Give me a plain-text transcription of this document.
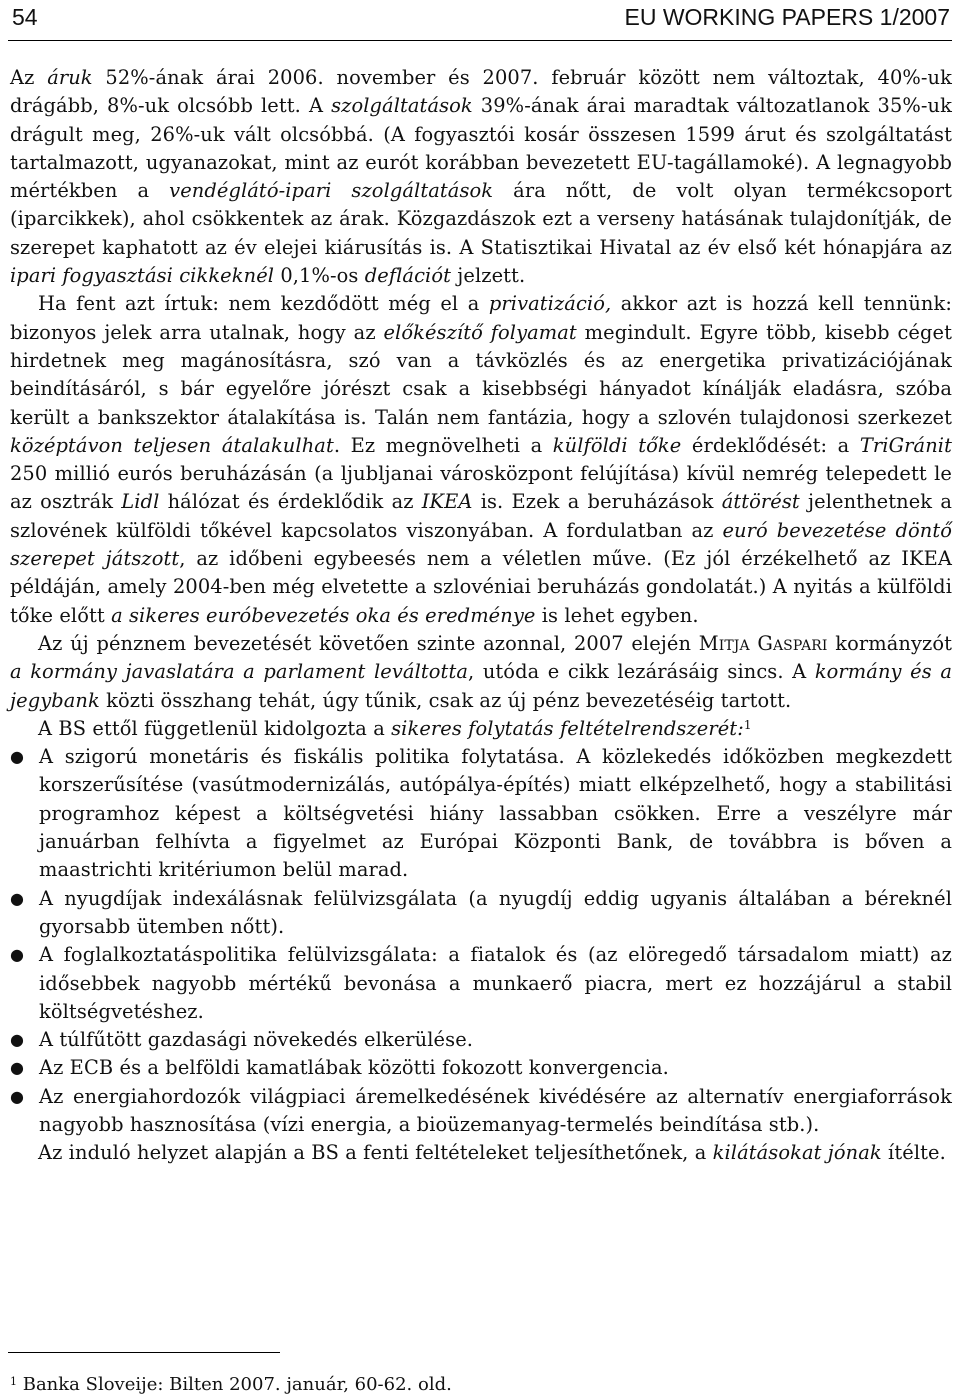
54	EU WORKING PAPERS 1/2007

Az áruk 52%-ának árai 2006. november és 2007. február között nem változtak, 40%-uk drágább, 8%-uk olcsóbb lett. A szolgáltatások 39%-ának árai maradtak változatlanok 35%-uk drágult meg, 26%-uk vált olcsóbbá. (A fogyasztói kosár összesen 1599 árut és szolgáltatást tartalmazott, ugyanazokat, mint az eurót korábban bevezetett EU-tagállamoké). A legnagyobb mértékben a vendéglátó-ipari szolgáltatások ára nőtt, de volt olyan termékcsoport (iparcikkek), ahol csökkentek az árak. Közgazdászok ezt a verseny hatásának tulajdonítják, de szerepet kaphatott az év elejei kiárusítás is. A Statisztikai Hivatal az év első két hónapjára az ipari fogyasztási cikkeknél 0,1%-os deflációt jelzett.

Ha fent azt írtuk: nem kezdődött még el a privatizáció, akkor azt is hozzá kell tennünk: bizonyos jelek arra utalnak, hogy az előkészítő folyamat megindult. Egyre több, kisebb céget hirdetnek meg magánosításra, szó van a távközlés és az energetika privatizációjának beindításáról, s bár egyelőre jórészt csak a kisebbségi hányadot kínálják eladásra, szóba került a bankszektor átalakítása is. Talán nem fantázia, hogy a szlovén tulajdonosi szerkezet középtávon teljesen átalakulhat. Ez megnövelheti a külföldi tőke érdeklődését: a TriGránit 250 millió eurós beruházásán (a ljubljanai városközpont felújítása) kívül nemrég telepedett le az osztrák Lidl hálózat és érdeklődik az IKEA is. Ezek a beruházások áttörést jelenthetnek a szlovének külföldi tőkével kapcsolatos viszonyában. A fordulatban az euró bevezetése döntő szerepet játszott, az időbeni egybeesés nem a véletlen műve. (Ez jól érzékelhető az IKEA példáján, amely 2004-ben még elvetette a szlovéniai beruházás gondolatát.) A nyitás a külföldi tőke előtt a sikeres euróbevezetés oka és eredménye is lehet egyben.

Az új pénznem bevezetését követően szinte azonnal, 2007 elején Mitja Gaspari kormányzót a kormány javaslatára a parlament leváltotta, utóda e cikk lezárásáig sincs. A kormány és a jegybank közti összhang tehát, úgy tűnik, csak az új pénz bevezetéséig tartott.

A BS ettől függetlenül kidolgozta a sikeres folytatás feltételrendszerét:$^1$

● A szigorú monetáris és fiskális politika folytatása. A közlekedés időközben megkezdett korszerűsítése (vasútmodernizálás, autópálya-építés) miatt elképzelhető, hogy a stabilitási programhoz képest a költségvetési hiány lassabban csökken. Erre a veszélyre már januárban felhívta a figyelmet az Európai Központi Bank, de továbbra is bőven a maastrichti kritériumon belül marad.
● A nyugdíjak indexálásnak felülvizsgálata (a nyugdíj eddig ugyanis általában a béreknél gyorsabb ütemben nőtt).
● A foglalkoztatáspolitika felülvizsgálata: a fiatalok és (az elöregedő társadalom miatt) az idősebbek nagyobb mértékű bevonása a munkaerő piacra, mert ez hozzájárul a stabil költségvetéshez.
● A túlfűtött gazdasági növekedés elkerülése.
● Az ECB és a belföldi kamatlábak közötti fokozott konvergencia.
● Az energiahordozók világpiaci áremelkedésének kivédésére az alternatív energiaforrások nagyobb hasznosítása (vízi energia, a bioüzemanyag-termelés beindítása stb.).

Az induló helyzet alapján a BS a fenti feltételeket teljesíthetőnek, a kilátásokat jónak ítélte.

$^1$ Banka Sloveije: Bilten 2007. január, 60-62. old.
